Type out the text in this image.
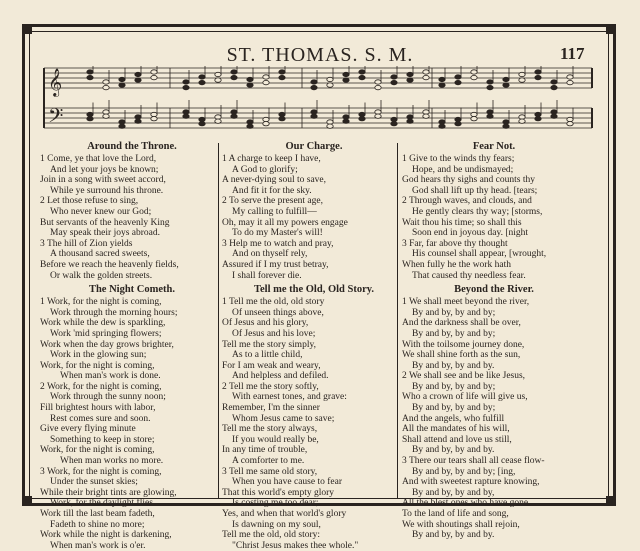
ST. THOMAS. S. M.	117
𝄞
𝄢
Around the Throne.
1 Come, ye that love the Lord,
And let your joys be known;
Join in a song with sweet accord,
While ye surround his throne.
2 Let those refuse to sing,
Who never knew our God;
But servants of the heavenly King
May speak their joys abroad.
3 The hill of Zion yields
A thousand sacred sweets,
Before we reach the heavenly fields,
Or walk the golden streets.
The Night Cometh.
1 Work, for the night is coming,
Work through the morning hours;
Work while the dew is sparkling,
Work 'mid springing flowers;
Work when the day grows brighter,
Work in the glowing sun;
Work, for the night is coming,
When man's work is done.
2 Work, for the night is coming,
Work through the sunny noon;
Fill brightest hours with labor,
Rest comes sure and soon.
Give every flying minute
Something to keep in store;
Work, for the night is coming,
When man works no more.
3 Work, for the night is coming,
Under the sunset skies;
While their bright tints are glowing,
Work, for the daylight flies.
Work till the last beam fadeth,
Fadeth to shine no more;
Work while the night is darkening,
When man's work is o'er.
Our Charge.
1 A charge to keep I have,
A God to glorify;
A never-dying soul to save,
And fit it for the sky.
2 To serve the present age,
My calling to fulfill—
Oh, may it all my powers engage
To do my Master's will!
3 Help me to watch and pray,
And on thyself rely,
Assured if I my trust betray,
I shall forever die.
Tell me the Old, Old Story.
1 Tell me the old, old story
Of unseen things above,
Of Jesus and his glory,
Of Jesus and his love;
Tell me the story simply,
As to a little child,
For I am weak and weary,
And helpless and defiled.
2 Tell me the story softly,
With earnest tones, and grave:
Remember, I'm the sinner
Whom Jesus came to save;
Tell me the story always,
If you would really be,
In any time of trouble,
A comforter to me.
3 Tell me same old story,
When you have cause to fear
That this world's empty glory
Is costing me too dear;
Yes, and when that world's glory
Is dawning on my soul,
Tell me the old, old story:
"Christ Jesus makes thee whole."
Fear Not.
1 Give to the winds thy fears;
Hope, and be undismayed;
God hears thy sighs and counts thy
God shall lift up thy head. [tears;
2 Through waves, and clouds, and
He gently clears thy way; [storms,
Wait thou his time; so shall this
Soon end in joyous day. [night
3 Far, far above thy thought
His counsel shall appear, [wrought,
When fully he the work hath
That caused thy needless fear.
Beyond the River.
1 We shall meet beyond the river,
By and by, by and by;
And the darkness shall be over,
By and by, by and by;
With the toilsome journey done,
We shall shine forth as the sun,
By and by, by and by.
2 We shall see and be like Jesus,
By and by, by and by;
Who a crown of life will give us,
By and by, by and by;
And the angels, who fulfill
All the mandates of his will,
Shall attend and love us still,
By and by, by and by.
3 There our tears shall all cease flow-
By and by, by and by; [ing,
And with sweetest rapture knowing,
By and by, by and by,
All the blest ones who have gone
To the land of life and song,
We with shoutings shall rejoin,
By and by, by and by.
